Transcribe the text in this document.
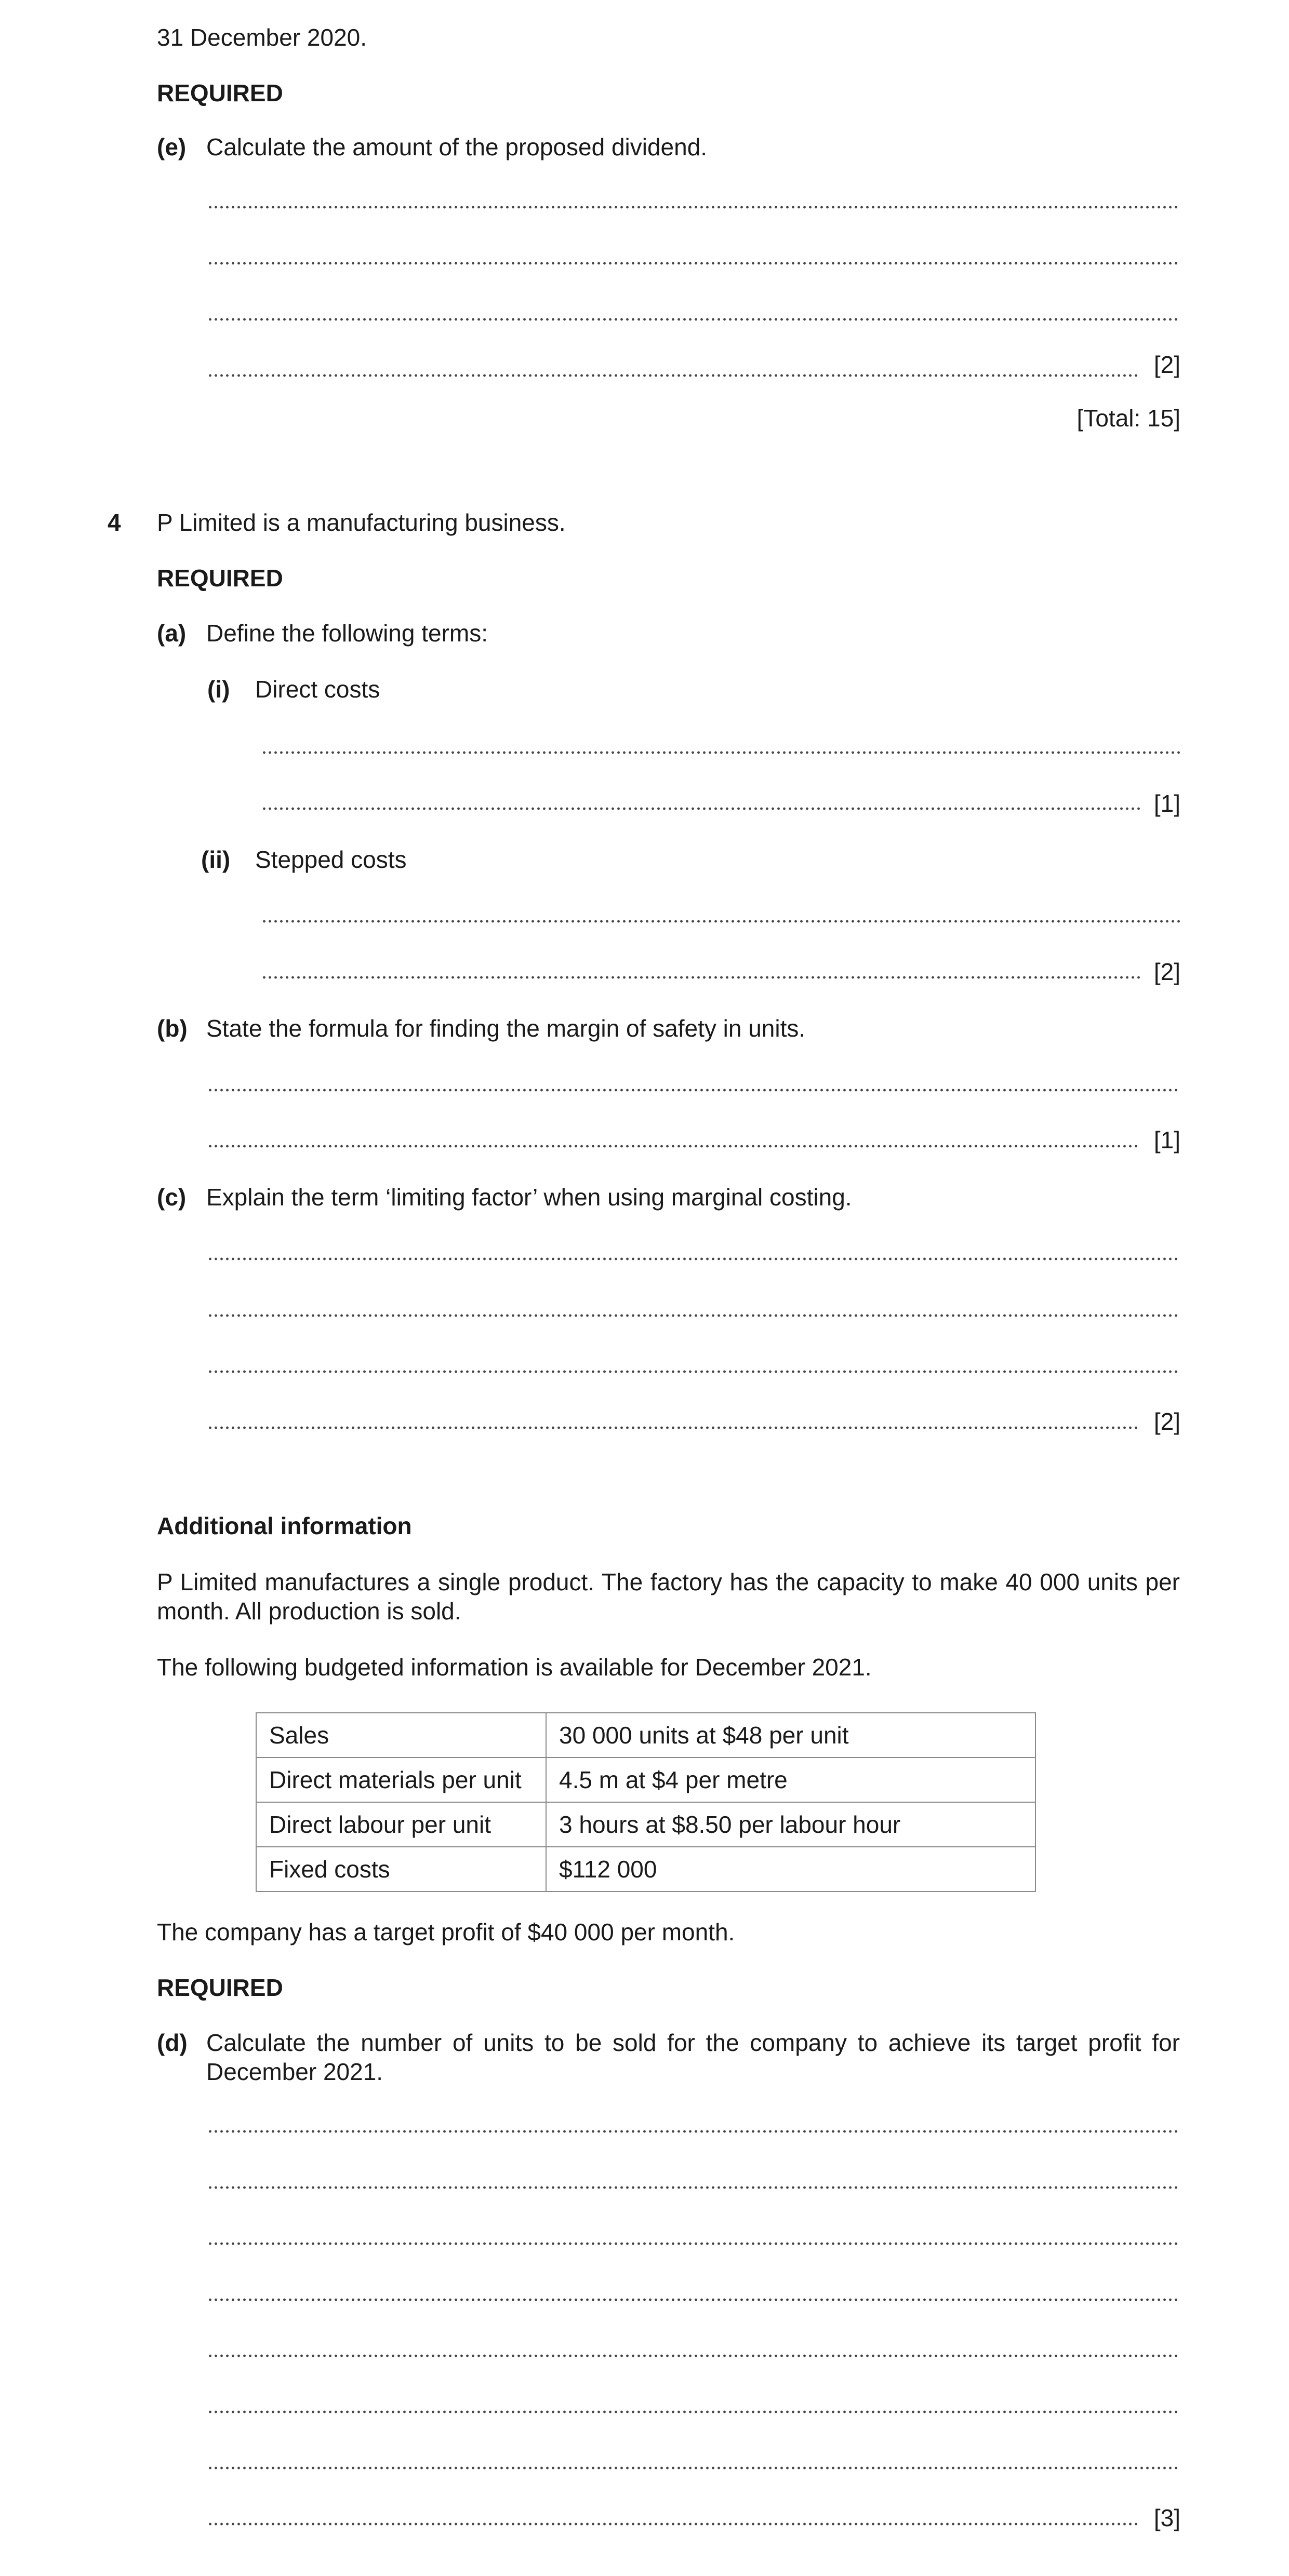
31 December 2020.
REQUIRED
(e) Calculate the amount of the proposed dividend.
[2]
[Total: 15]
4 P Limited is a manufacturing business.
REQUIRED
(a) Define the following terms:
(i) Direct costs
[1]
(ii) Stepped costs
[2]
(b) State the formula for finding the margin of safety in units.
[1]
(c) Explain the term ‘limiting factor’ when using marginal costing.
[2]
Additional information
P Limited manufactures a single product. The factory has the capacity to make 40 000 units per month. All production is sold.
The following budgeted information is available for December 2021.
Sales	30 000 units at $48 per unit
Direct materials per unit	4.5 m at $4 per metre
Direct labour per unit	3 hours at $8.50 per labour hour
Fixed costs	$112 000
The company has a target profit of $40 000 per month.
REQUIRED
(d) Calculate the number of units to be sold for the company to achieve its target profit for December 2021.
[3]
